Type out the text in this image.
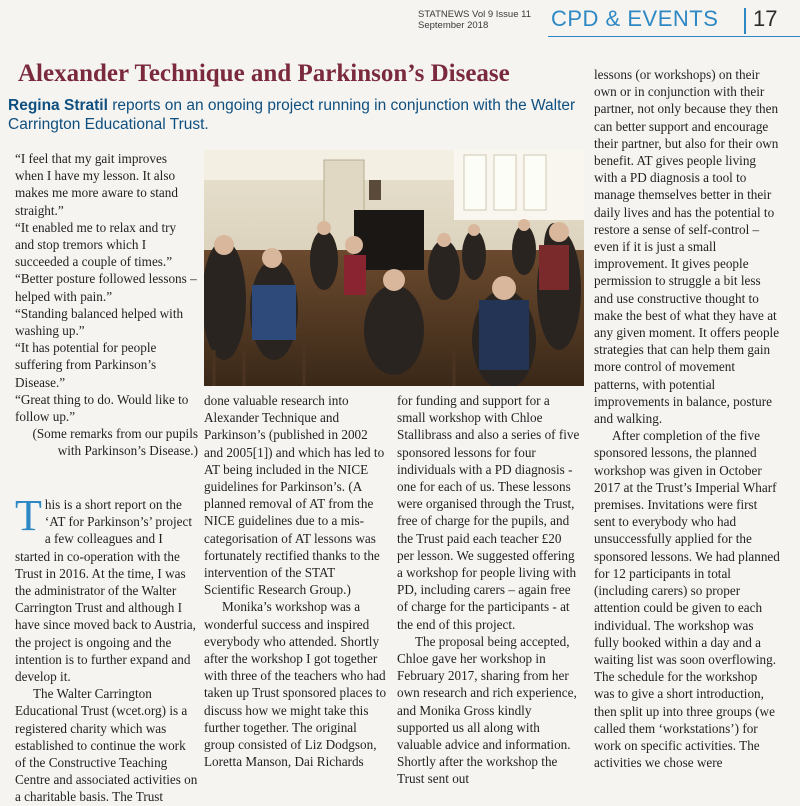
STATNEWS Vol 9 Issue 11
September 2018	CPD & EVENTS 17
Alexander Technique and Parkinson’s Disease
Regina Stratil reports on an ongoing project running in conjunction with the Walter Carrington Educational Trust.

“I feel that my gait improves when I have my lesson. It also makes me more aware to stand straight.”

“It enabled me to relax and try and stop tremors which I succeeded a couple of times.”

“Better posture followed lessons – helped with pain.”

“Standing balanced helped with washing up.”

“It has potential for people suffering from Parkinson’s Disease.”

“Great thing to do. Would like to follow up.”

(Some remarks from our pupils with Parkinson’s Disease.)

This is a short report on the ‘AT for Parkinson’s’ project a few colleagues and I started in co-operation with the Trust in 2016. At the time, I was the administrator of the Walter Carrington Trust and although I have since moved back to Austria, the project is ongoing and the intention is to further expand and develop it.

The Walter Carrington Educational Trust (wcet.org) is a registered charity which was established to continue the work of the Constructive Teaching Centre and associated activities on a charitable basis. The Trust

done valuable research into Alexander Technique and Parkinson’s (published in 2002 and 2005[1]) and which has led to AT being included in the NICE guidelines for Parkinson’s. (A planned removal of AT from the NICE guidelines due to a mis-categorisation of AT lessons was fortunately rectified thanks to the intervention of the STAT Scientific Research Group.)

Monika’s workshop was a wonderful success and inspired everybody who attended. Shortly after the workshop I got together with three of the teachers who had taken up Trust sponsored places to discuss how we might take this further together. The original group consisted of Liz Dodgson, Loretta Manson, Dai Richards

for funding and support for a small workshop with Chloe Stallibrass and also a series of five sponsored lessons for four individuals with a PD diagnosis - one for each of us. These lessons were organised through the Trust, free of charge for the pupils, and the Trust paid each teacher £20 per lesson. We suggested offering a workshop for people living with PD, including carers – again free of charge for the participants - at the end of this project.

The proposal being accepted, Chloe gave her workshop in February 2017, sharing from her own research and rich experience, and Monika Gross kindly supported us all along with valuable advice and information. Shortly after the workshop the Trust sent out

lessons (or workshops) on their own or in conjunction with their partner, not only because they then can better support and encourage their partner, but also for their own benefit. AT gives people living with a PD diagnosis a tool to manage themselves better in their daily lives and has the potential to restore a sense of self-control – even if it is just a small improvement. It gives people permission to struggle a bit less and use constructive thought to make the best of what they have at any given moment. It offers people strategies that can help them gain more control of movement patterns, with potential improvements in balance, posture and walking.

After completion of the five sponsored lessons, the planned workshop was given in October 2017 at the Trust’s Imperial Wharf premises. Invitations were first sent to everybody who had unsuccessfully applied for the sponsored lessons. We had planned for 12 participants in total (including carers) so proper attention could be given to each individual. The workshop was fully booked within a day and a waiting list was soon overflowing. The schedule for the workshop was to give a short introduction, then split up into three groups (we called them ‘workstations’) for work on specific activities. The activities we chose were
